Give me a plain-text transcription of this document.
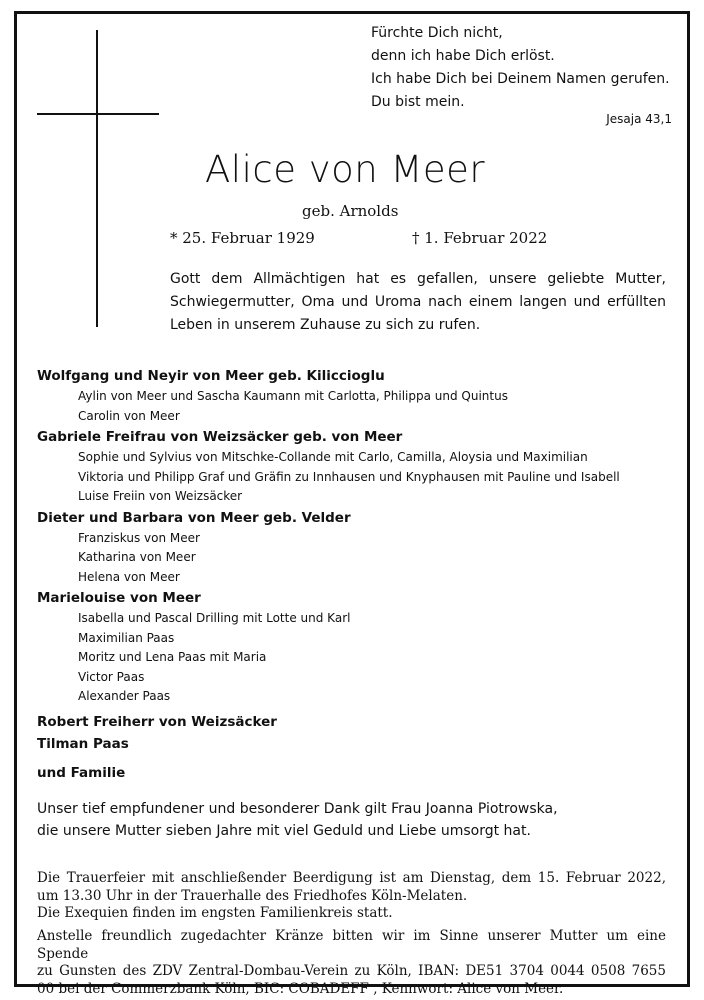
Fürchte Dich nicht,
denn ich habe Dich erlöst.
Ich habe Dich bei Deinem Namen gerufen.
Du bist mein.
Jesaja 43,1
Alice von Meer
geb. Arnolds
* 25. Februar 1929	† 1. Februar 2022
Gott dem Allmächtigen hat es gefallen, unsere geliebte Mutter,
Schwiegermutter, Oma und Uroma nach einem langen und erfüllten
Leben in unserem Zuhause zu sich zu rufen.
Wolfgang und Neyir von Meer geb. Kiliccioglu
Aylin von Meer und Sascha Kaumann mit Carlotta, Philippa und Quintus
Carolin von Meer
Gabriele Freifrau von Weizsäcker geb. von Meer
Sophie und Sylvius von Mitschke-Collande mit Carlo, Camilla, Aloysia und Maximilian
Viktoria und Philipp Graf und Gräfin zu Innhausen und Knyphausen mit Pauline und Isabell
Luise Freiin von Weizsäcker
Dieter und Barbara von Meer geb. Velder
Franziskus von Meer
Katharina von Meer
Helena von Meer
Marielouise von Meer
Isabella und Pascal Drilling mit Lotte und Karl
Maximilian Paas
Moritz und Lena Paas mit Maria
Victor Paas
Alexander Paas
Robert Freiherr von Weizsäcker
Tilman Paas
und Familie
Unser tief empfundener und besonderer Dank gilt Frau Joanna Piotrowska,
die unsere Mutter sieben Jahre mit viel Geduld und Liebe umsorgt hat.
Die Trauerfeier mit anschließender Beerdigung ist am Dienstag, dem 15. Februar 2022,
um 13.30 Uhr in der Trauerhalle des Friedhofes Köln-Melaten.
Die Exequien finden im engsten Familienkreis statt.
Anstelle freundlich zugedachter Kränze bitten wir im Sinne unserer Mutter um eine Spende
zu Gunsten des ZDV Zentral-Dombau-Verein zu Köln, IBAN: DE51 3704 0044 0508 7655
00 bei der Commerzbank Köln, BIC: COBADEFF , Kennwort: Alice von Meer.
